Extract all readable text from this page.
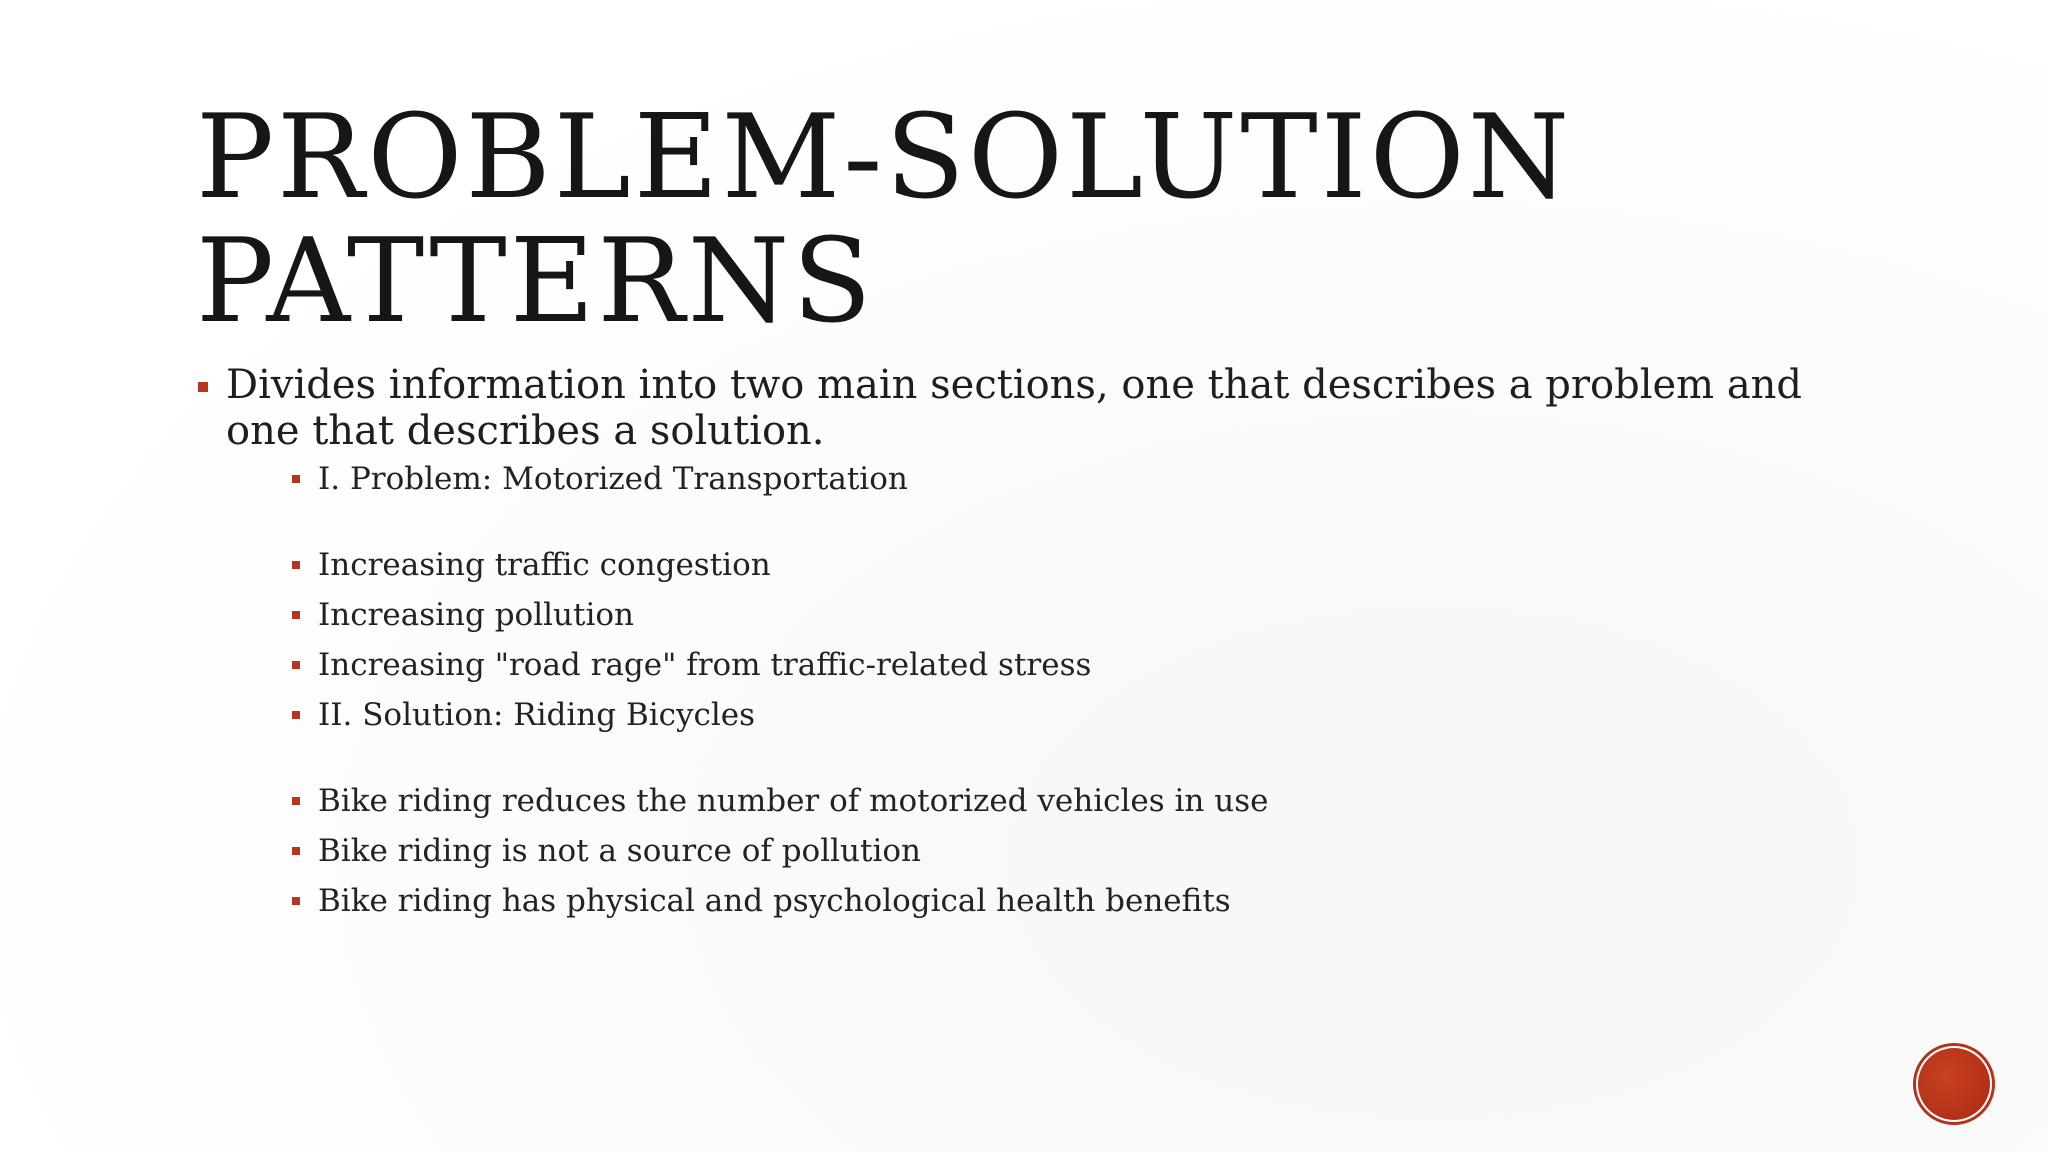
PROBLEM-SOLUTION
PATTERNS
Divides information into two main sections, one that describes a problem and one that describes a solution.
I. Problem: Motorized Transportation
Increasing traffic congestion
Increasing pollution
Increasing "road rage" from traffic-related stress
II. Solution: Riding Bicycles
Bike riding reduces the number of motorized vehicles in use
Bike riding is not a source of pollution
Bike riding has physical and psychological health benefits
